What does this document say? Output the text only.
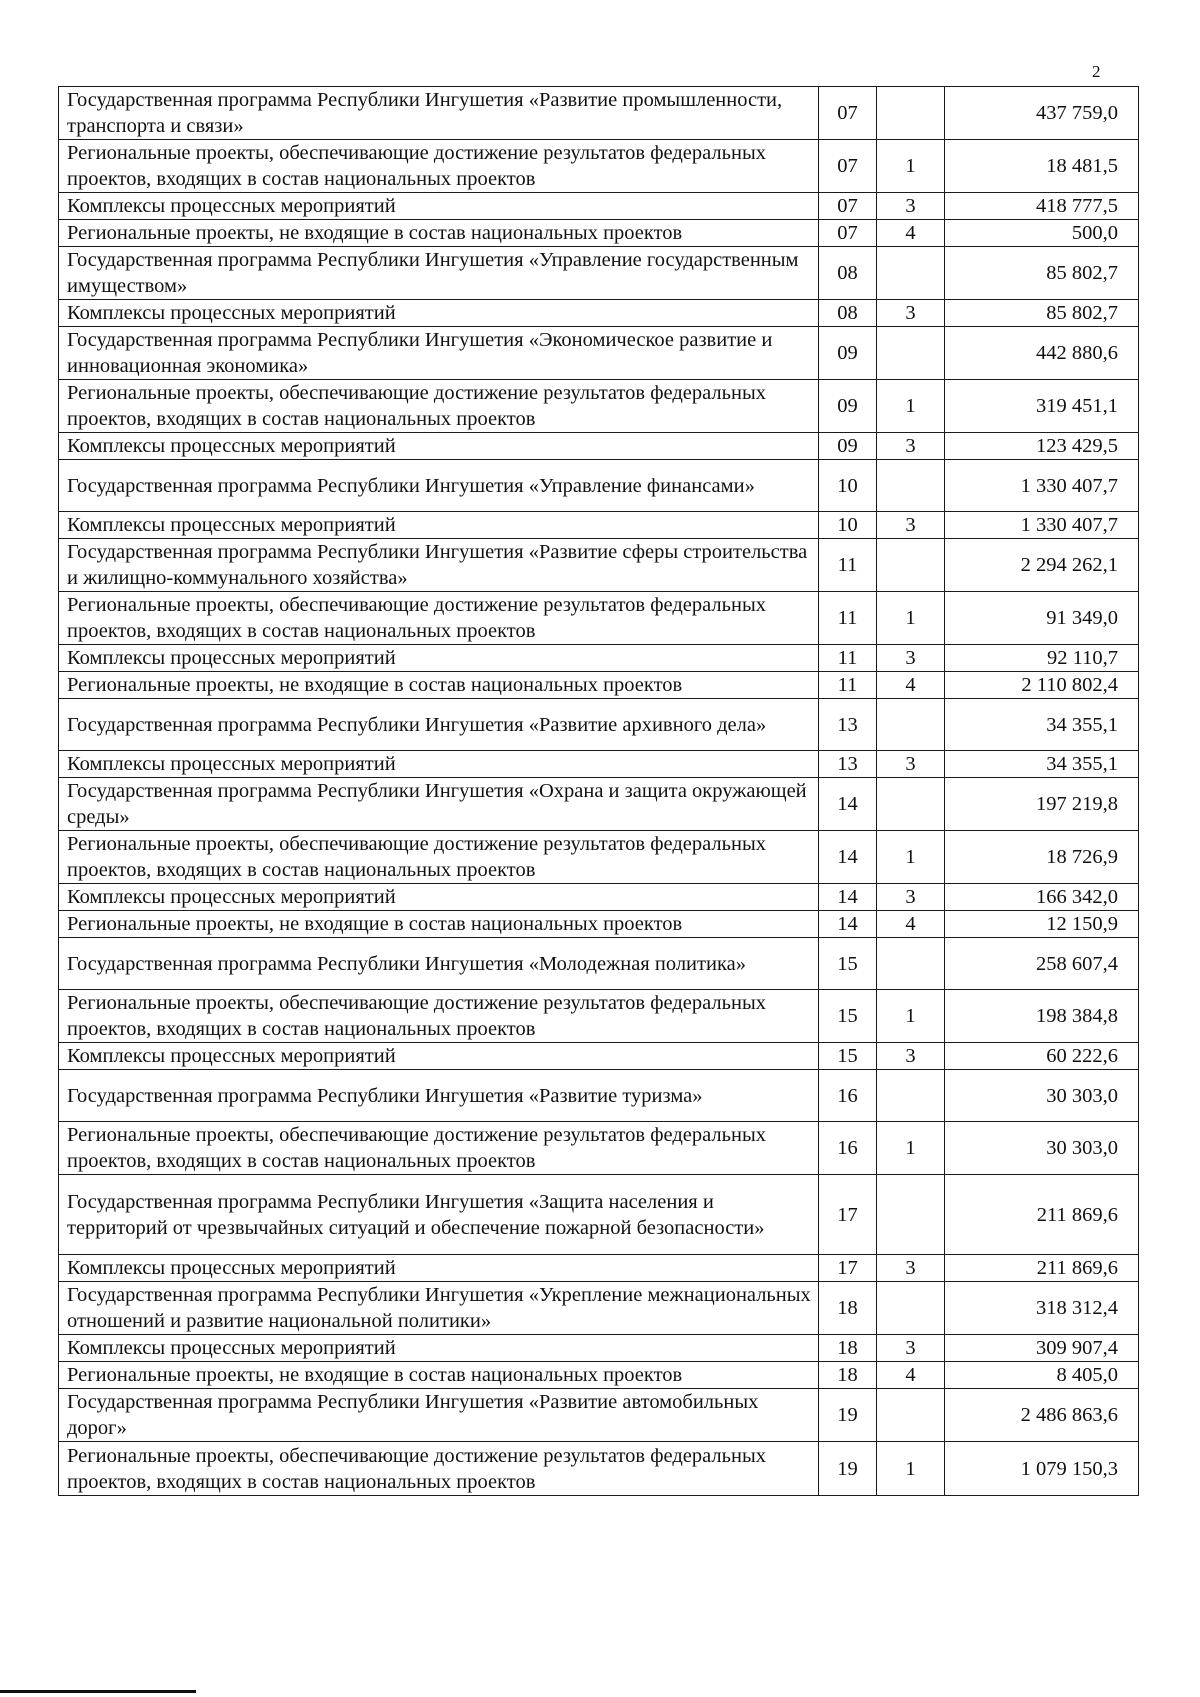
2
Государственная программа Республики Ингушетия «Развитие промышленности, транспорта и связи»	07		437 759,0
Региональные проекты, обеспечивающие достижение результатов федеральных проектов, входящих в состав национальных проектов	07	1	18 481,5
Комплексы процессных мероприятий	07	3	418 777,5
Региональные проекты, не входящие в состав национальных проектов	07	4	500,0
Государственная программа Республики Ингушетия «Управление государственным имуществом»	08		85 802,7
Комплексы процессных мероприятий	08	3	85 802,7
Государственная программа Республики Ингушетия «Экономическое развитие и инновационная экономика»	09		442 880,6
Региональные проекты, обеспечивающие достижение результатов федеральных проектов, входящих в состав национальных проектов	09	1	319 451,1
Комплексы процессных мероприятий	09	3	123 429,5
Государственная программа Республики Ингушетия «Управление финансами»	10		1 330 407,7
Комплексы процессных мероприятий	10	3	1 330 407,7
Государственная программа Республики Ингушетия «Развитие сферы строительства и жилищно-коммунального хозяйства»	11		2 294 262,1
Региональные проекты, обеспечивающие достижение результатов федеральных проектов, входящих в состав национальных проектов	11	1	91 349,0
Комплексы процессных мероприятий	11	3	92 110,7
Региональные проекты, не входящие в состав национальных проектов	11	4	2 110 802,4
Государственная программа Республики Ингушетия «Развитие архивного дела»	13		34 355,1
Комплексы процессных мероприятий	13	3	34 355,1
Государственная программа Республики Ингушетия «Охрана и защита окружающей среды»	14		197 219,8
Региональные проекты, обеспечивающие достижение результатов федеральных проектов, входящих в состав национальных проектов	14	1	18 726,9
Комплексы процессных мероприятий	14	3	166 342,0
Региональные проекты, не входящие в состав национальных проектов	14	4	12 150,9
Государственная программа Республики Ингушетия «Молодежная политика»	15		258 607,4
Региональные проекты, обеспечивающие достижение результатов федеральных проектов, входящих в состав национальных проектов	15	1	198 384,8
Комплексы процессных мероприятий	15	3	60 222,6
Государственная программа Республики Ингушетия «Развитие туризма»	16		30 303,0
Региональные проекты, обеспечивающие достижение результатов федеральных проектов, входящих в состав национальных проектов	16	1	30 303,0
Государственная программа Республики Ингушетия «Защита населения и территорий от чрезвычайных ситуаций и обеспечение пожарной безопасности»	17		211 869,6
Комплексы процессных мероприятий	17	3	211 869,6
Государственная программа Республики Ингушетия «Укрепление межнациональных отношений и развитие национальной политики»	18		318 312,4
Комплексы процессных мероприятий	18	3	309 907,4
Региональные проекты, не входящие в состав национальных проектов	18	4	8 405,0
Государственная программа Республики Ингушетия «Развитие автомобильных дорог»	19		2 486 863,6
Региональные проекты, обеспечивающие достижение результатов федеральных проектов, входящих в состав национальных проектов	19	1	1 079 150,3
